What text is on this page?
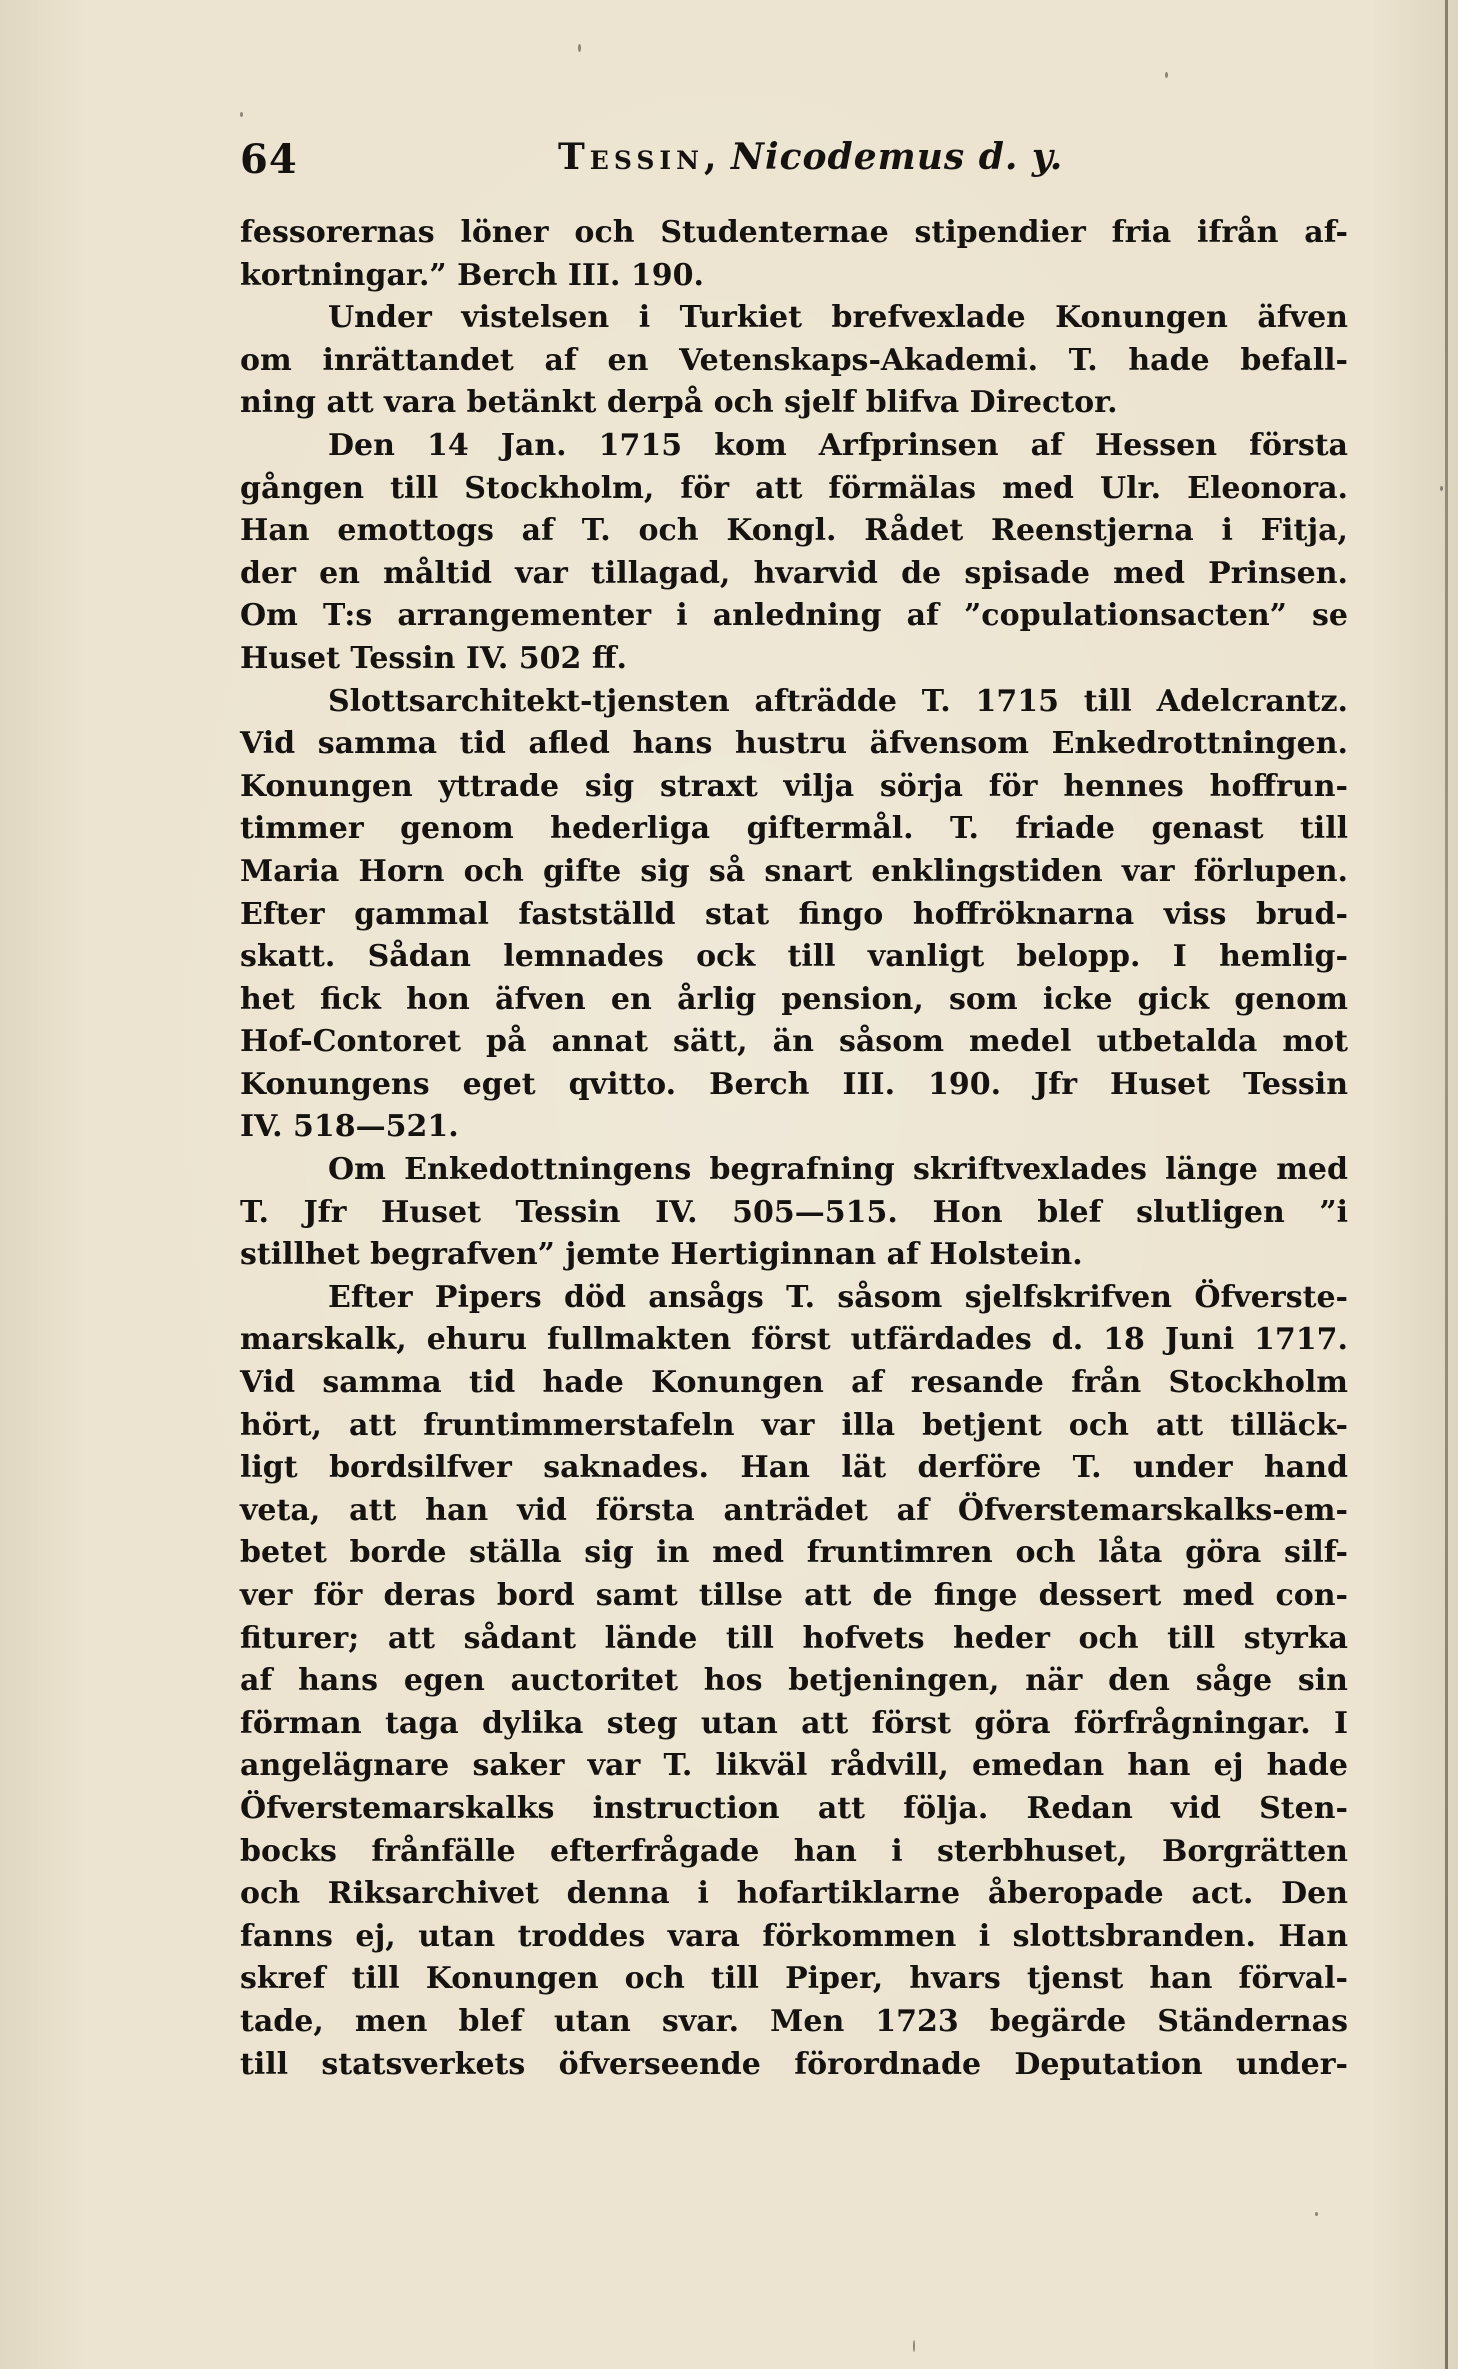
64	Tessin, Nicodemus d. y.
fessorernas löner och Studenternae stipendier fria ifrån af-
kortningar.” Berch III. 190.
Under vistelsen i Turkiet brefvexlade Konungen äfven
om inrättandet af en Vetenskaps-Akademi. T. hade befall-
ning att vara betänkt derpå och sjelf blifva Director.
Den 14 Jan. 1715 kom Arfprinsen af Hessen första
gången till Stockholm, för att förmälas med Ulr. Eleonora.
Han emottogs af T. och Kongl. Rådet Reenstjerna i Fitja,
der en måltid var tillagad, hvarvid de spisade med Prinsen.
Om T:s arrangementer i anledning af ”copulationsacten” se
Huset Tessin IV. 502 ff.
Slottsarchitekt-tjensten afträdde T. 1715 till Adelcrantz.
Vid samma tid afled hans hustru äfvensom Enkedrottningen.
Konungen yttrade sig straxt vilja sörja för hennes hoffrun-
timmer genom hederliga giftermål. T. friade genast till
Maria Horn och gifte sig så snart enklingstiden var förlupen.
Efter gammal fastställd stat fingo hoffröknarna viss brud-
skatt. Sådan lemnades ock till vanligt belopp. I hemlig-
het fick hon äfven en årlig pension, som icke gick genom
Hof-Contoret på annat sätt, än såsom medel utbetalda mot
Konungens eget qvitto. Berch III. 190. Jfr Huset Tessin
IV. 518—521.
Om Enkedottningens begrafning skriftvexlades länge med
T. Jfr Huset Tessin IV. 505—515. Hon blef slutligen ”i
stillhet begrafven” jemte Hertiginnan af Holstein.
Efter Pipers död ansågs T. såsom sjelfskrifven Öfverste-
marskalk, ehuru fullmakten först utfärdades d. 18 Juni 1717.
Vid samma tid hade Konungen af resande från Stockholm
hört, att fruntimmerstafeln var illa betjent och att tilläck-
ligt bordsilfver saknades. Han lät derföre T. under hand
veta, att han vid första anträdet af Öfverstemarskalks-em-
betet borde ställa sig in med fruntimren och låta göra silf-
ver för deras bord samt tillse att de finge dessert med con-
fiturer; att sådant lände till hofvets heder och till styrka
af hans egen auctoritet hos betjeningen, när den såge sin
förman taga dylika steg utan att först göra förfrågningar. I
angelägnare saker var T. likväl rådvill, emedan han ej hade
Öfverstemarskalks instruction att följa. Redan vid Sten-
bocks frånfälle efterfrågade han i sterbhuset, Borgrätten
och Riksarchivet denna i hofartiklarne åberopade act. Den
fanns ej, utan troddes vara förkommen i slottsbranden. Han
skref till Konungen och till Piper, hvars tjenst han förval-
tade, men blef utan svar. Men 1723 begärde Ständernas
till statsverkets öfverseende förordnade Deputation under-
